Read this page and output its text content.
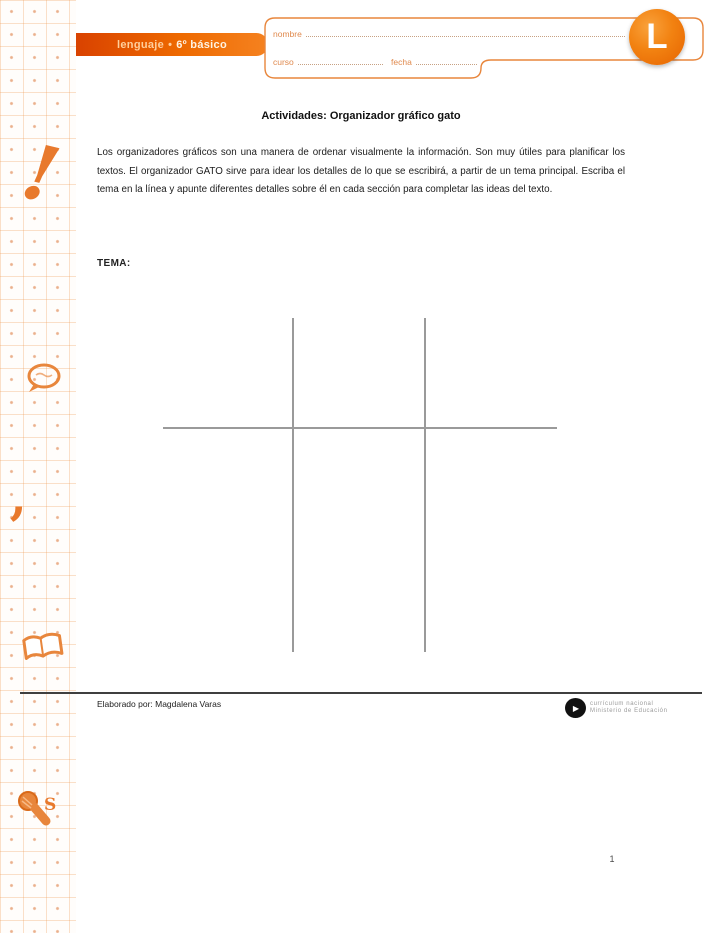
!
,
S
lenguaje • 6º básico
nombre
curso	fecha
L
Actividades: Organizador gráfico gato
Los organizadores gráficos son una manera de ordenar visualmente la información. Son muy útiles para planificar los textos. El organizador GATO sirve para idear los detalles de lo que se escribirá, a partir de un tema principal. Escriba el tema en la línea y apunte diferentes detalles sobre él en cada sección para completar las ideas del texto.
TEMA:
Elaborado por: Magdalena Varas	▶	currículum nacional
Ministerio de Educación
1
